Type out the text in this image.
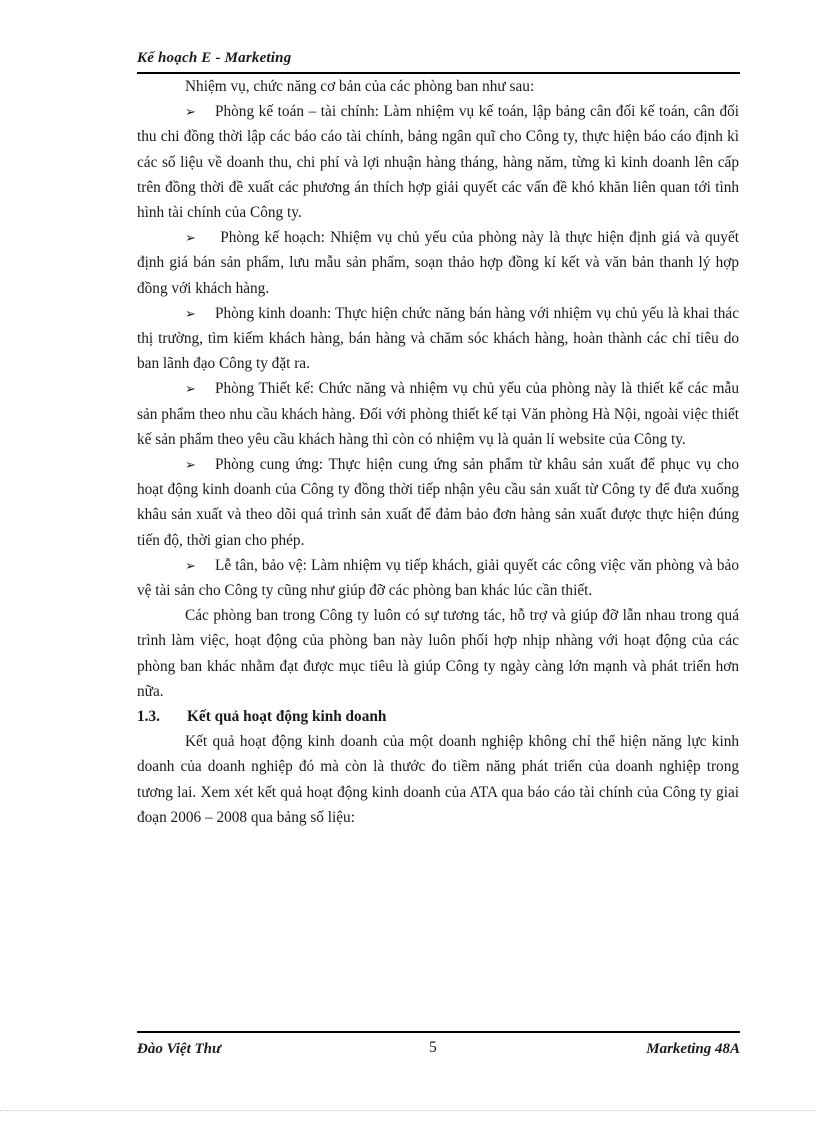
Kế hoạch E - Marketing

Nhiệm vụ, chức năng cơ bản của các phòng ban như sau:

➢ Phòng kế toán – tài chính: Làm nhiệm vụ kế toán, lập bảng cân đối kế toán, cân đối thu chi đồng thời lập các báo cáo tài chính, bảng ngân quĩ cho Công ty, thực hiện báo cáo định kì các số liệu về doanh thu, chi phí và lợi nhuận hàng tháng, hàng năm, từng kì kinh doanh lên cấp trên đồng thời đề xuất các phương án thích hợp giải quyết các vấn đề khó khăn liên quan tới tình hình tài chính của Công ty.

➢ Phòng kế hoạch: Nhiệm vụ chủ yếu của phòng này là thực hiện định giá và quyết định giá bán sản phẩm, lưu mẫu sản phẩm, soạn thảo hợp đồng kí kết và văn bản thanh lý hợp đồng với khách hàng.

➢ Phòng kinh doanh: Thực hiện chức năng bán hàng với nhiệm vụ chủ yếu là khai thác thị trường, tìm kiếm khách hàng, bán hàng và chăm sóc khách hàng, hoàn thành các chỉ tiêu do ban lãnh đạo Công ty đặt ra.

➢ Phòng Thiết kế: Chức năng và nhiệm vụ chủ yếu của phòng này là thiết kế các mẫu sản phẩm theo nhu cầu khách hàng. Đối với phòng thiết kế tại Văn phòng Hà Nội, ngoài việc thiết kế sản phẩm theo yêu cầu khách hàng thì còn có nhiệm vụ là quản lí website của Công ty.

➢ Phòng cung ứng: Thực hiện cung ứng sản phẩm từ khâu sản xuất để phục vụ cho hoạt động kinh doanh của Công ty đồng thời tiếp nhận yêu cầu sản xuất từ Công ty để đưa xuống khâu sản xuất và theo dõi quá trình sản xuất để đảm bảo đơn hàng sản xuất được thực hiện đúng tiến độ, thời gian cho phép.

➢ Lễ tân, bảo vệ: Làm nhiệm vụ tiếp khách, giải quyết các công việc văn phòng và bảo vệ tài sản cho Công ty cũng như giúp đỡ các phòng ban khác lúc cần thiết.

Các phòng ban trong Công ty luôn có sự tương tác, hỗ trợ và giúp đỡ lẫn nhau trong quá trình làm việc, hoạt động của phòng ban này luôn phối hợp nhịp nhàng với hoạt động của các phòng ban khác nhằm đạt được mục tiêu là giúp Công ty ngày càng lớn mạnh và phát triển hơn nữa.

1.3. Kết quả hoạt động kinh doanh

Kết quả hoạt động kinh doanh của một doanh nghiệp không chỉ thể hiện năng lực kinh doanh của doanh nghiệp đó mà còn là thước đo tiềm năng phát triển của doanh nghiệp trong tương lai. Xem xét kết quả hoạt động kinh doanh của ATA qua báo cáo tài chính của Công ty giai đoạn 2006 – 2008 qua bảng số liệu:

Đào Việt Thư	5	Marketing 48A
